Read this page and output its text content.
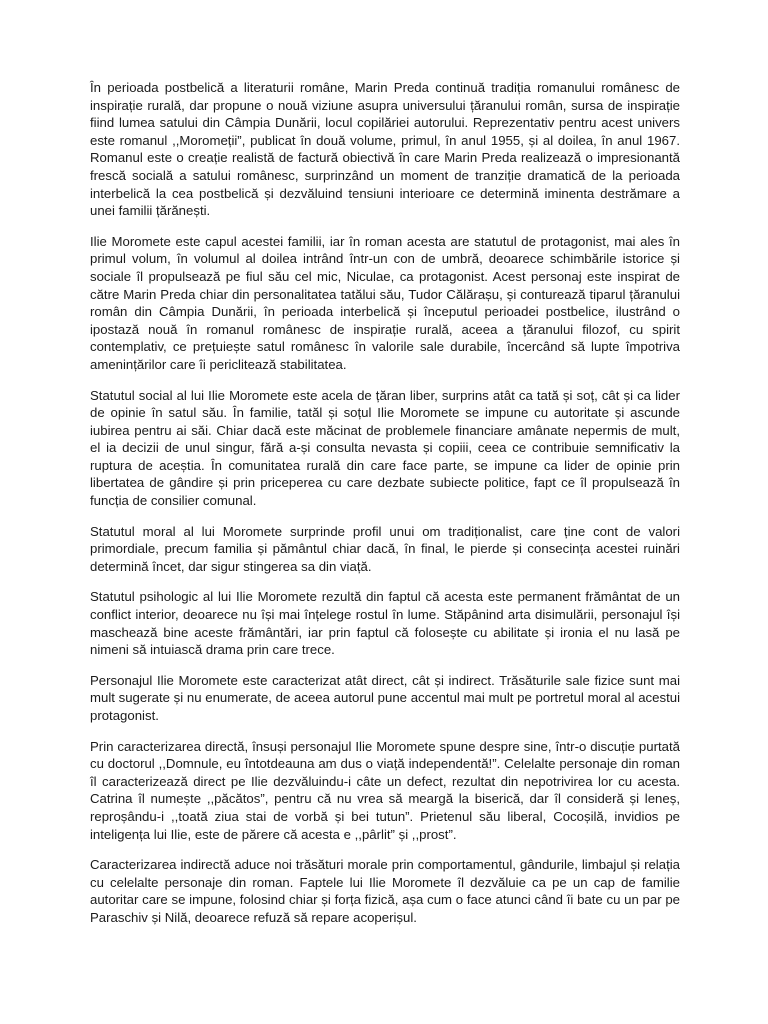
În perioada postbelică a literaturii române, Marin Preda continuă tradiția romanului românesc de inspirație rurală, dar propune o nouă viziune asupra universului țăranului român, sursa de inspirație fiind lumea satului din Câmpia Dunării, locul copilăriei autorului. Reprezentativ pentru acest univers este romanul ,,Moromeții”, publicat în două volume, primul, în anul 1955, și al doilea, în anul 1967. Romanul este o creație realistă de factură obiectivă în care Marin Preda realizează o impresionantă frescă socială a satului românesc, surprinzând un moment de tranziție dramatică de la perioada interbelică la cea postbelică și dezvăluind tensiuni interioare ce determină iminenta destrămare a unei familii țărănești.

Ilie Moromete este capul acestei familii, iar în roman acesta are statutul de protagonist, mai ales în primul volum, în volumul al doilea intrând într-un con de umbră, deoarece schimbările istorice și sociale îl propulsează pe fiul său cel mic, Niculae, ca protagonist. Acest personaj este inspirat de către Marin Preda chiar din personalitatea tatălui său, Tudor Călărașu, și conturează tiparul țăranului român din Câmpia Dunării, în perioada interbelică și începutul perioadei postbelice, ilustrând o ipostază nouă în romanul românesc de inspirație rurală, aceea a țăranului filozof, cu spirit contemplativ, ce prețuiește satul românesc în valorile sale durabile, încercând să lupte împotriva amenințărilor care îi periclitează stabilitatea.

Statutul social al lui Ilie Moromete este acela de țăran liber, surprins atât ca tată și soț, cât și ca lider de opinie în satul său. În familie, tatăl și soțul Ilie Moromete se impune cu autoritate și ascunde iubirea pentru ai săi. Chiar dacă este măcinat de problemele financiare amânate nepermis de mult, el ia decizii de unul singur, fără a-și consulta nevasta și copiii, ceea ce contribuie semnificativ la ruptura de aceștia. În comunitatea rurală din care face parte, se impune ca lider de opinie prin libertatea de gândire și prin priceperea cu care dezbate subiecte politice, fapt ce îl propulsează în funcția de consilier comunal.

Statutul moral al lui Moromete surprinde profil unui om tradiționalist, care ține cont de valori primordiale, precum familia și pământul chiar dacă, în final, le pierde și consecința acestei ruinări determină încet, dar sigur stingerea sa din viață.

Statutul psihologic al lui Ilie Moromete rezultă din faptul că acesta este permanent frământat de un conflict interior, deoarece nu își mai înțelege rostul în lume. Stăpânind arta disimulării, personajul își maschează bine aceste frământări, iar prin faptul că folosește cu abilitate și ironia el nu lasă pe nimeni să intuiască drama prin care trece.

Personajul Ilie Moromete este caracterizat atât direct, cât și indirect. Trăsăturile sale fizice sunt mai mult sugerate și nu enumerate, de aceea autorul pune accentul mai mult pe portretul moral al acestui protagonist.

Prin caracterizarea directă, însuși personajul Ilie Moromete spune despre sine, într-o discuție purtată cu doctorul ,,Domnule, eu întotdeauna am dus o viață independentă!”. Celelalte personaje din roman îl caracterizează direct pe Ilie dezvăluindu-i câte un defect, rezultat din nepotrivirea lor cu acesta. Catrina îl numește ,,păcătos”, pentru că nu vrea să meargă la biserică, dar îl consideră și leneș, reproșându-i ,,toată ziua stai de vorbă și bei tutun”. Prietenul său liberal, Cocoșilă, invidios pe inteligența lui Ilie, este de părere că acesta e ,,pârlit” și ,,prost”.

Caracterizarea indirectă aduce noi trăsături morale prin comportamentul, gândurile, limbajul și relația cu celelalte personaje din roman. Faptele lui Ilie Moromete îl dezvăluie ca pe un cap de familie autoritar care se impune, folosind chiar și forța fizică, așa cum o face atunci când îi bate cu un par pe Paraschiv și Nilă, deoarece refuză să repare acoperișul.
